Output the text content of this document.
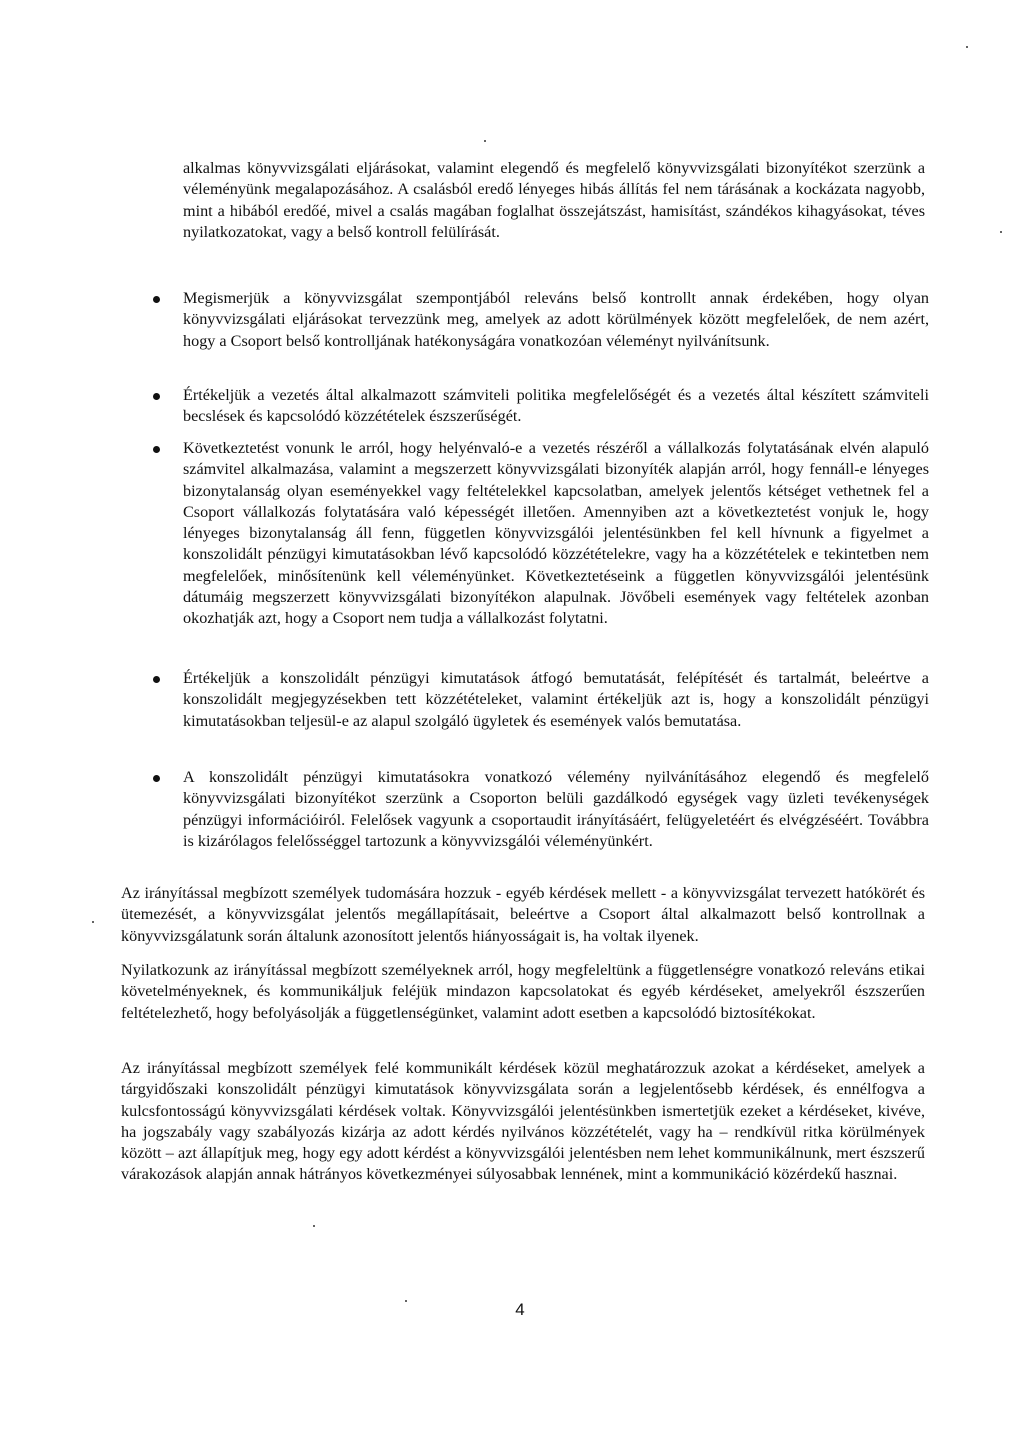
alkalmas könyvvizsgálati eljárásokat, valamint elegendő és megfelelő könyvvizsgálati bizonyítékot szerzünk a véleményünk megalapozásához. A csalásból eredő lényeges hibás állítás fel nem tárásának a kockázata nagyobb, mint a hibából eredőé, mivel a csalás magában foglalhat összejátszást, hamisítást, szándékos kihagyásokat, téves nyilatkozatokat, vagy a belső kontroll felülírását.

Megismerjük a könyvvizsgálat szempontjából releváns belső kontrollt annak érdekében, hogy olyan könyvvizsgálati eljárásokat tervezzünk meg, amelyek az adott körülmények között megfelelőek, de nem azért, hogy a Csoport belső kontrolljának hatékonyságára vonatkozóan véleményt nyilvánítsunk.

Értékeljük a vezetés által alkalmazott számviteli politika megfelelőségét és a vezetés által készített számviteli becslések és kapcsolódó közzétételek észszerűségét.

Következtetést vonunk le arról, hogy helyénvaló-e a vezetés részéről a vállalkozás folytatásának elvén alapuló számvitel alkalmazása, valamint a megszerzett könyvvizsgálati bizonyíték alapján arról, hogy fennáll-e lényeges bizonytalanság olyan eseményekkel vagy feltételekkel kapcsolatban, amelyek jelentős kétséget vethetnek fel a Csoport vállalkozás folytatására való képességét illetően. Amennyiben azt a következtetést vonjuk le, hogy lényeges bizonytalanság áll fenn, független könyvvizsgálói jelentésünkben fel kell hívnunk a figyelmet a konszolidált pénzügyi kimutatásokban lévő kapcsolódó közzétételekre, vagy ha a közzétételek e tekintetben nem megfelelőek, minősítenünk kell véleményünket. Következtetéseink a független könyvvizsgálói jelentésünk dátumáig megszerzett könyvvizsgálati bizonyítékon alapulnak. Jövőbeli események vagy feltételek azonban okozhatják azt, hogy a Csoport nem tudja a vállalkozást folytatni.

Értékeljük a konszolidált pénzügyi kimutatások átfogó bemutatását, felépítését és tartalmát, beleértve a konszolidált megjegyzésekben tett közzétételeket, valamint értékeljük azt is, hogy a konszolidált pénzügyi kimutatásokban teljesül-e az alapul szolgáló ügyletek és események valós bemutatása.

A konszolidált pénzügyi kimutatásokra vonatkozó vélemény nyilvánításához elegendő és megfelelő könyvvizsgálati bizonyítékot szerzünk a Csoporton belüli gazdálkodó egységek vagy üzleti tevékenységek pénzügyi információiról. Felelősek vagyunk a csoportaudit irányításáért, felügyeletéért és elvégzéséért. Továbbra is kizárólagos felelősséggel tartozunk a könyvvizsgálói véleményünkért.

Az irányítással megbízott személyek tudomására hozzuk - egyéb kérdések mellett - a könyvvizsgálat tervezett hatókörét és ütemezését, a könyvvizsgálat jelentős megállapításait, beleértve a Csoport által alkalmazott belső kontrollnak a könyvvizsgálatunk során általunk azonosított jelentős hiányosságait is, ha voltak ilyenek.

Nyilatkozunk az irányítással megbízott személyeknek arról, hogy megfeleltünk a függetlenségre vonatkozó releváns etikai követelményeknek, és kommunikáljuk feléjük mindazon kapcsolatokat és egyéb kérdéseket, amelyekről észszerűen feltételezhető, hogy befolyásolják a függetlenségünket, valamint adott esetben a kapcsolódó biztosítékokat.

Az irányítással megbízott személyek felé kommunikált kérdések közül meghatározzuk azokat a kérdéseket, amelyek a tárgyidőszaki konszolidált pénzügyi kimutatások könyvvizsgálata során a legjelentősebb kérdések, és ennélfogva a kulcsfontosságú könyvvizsgálati kérdések voltak. Könyvvizsgálói jelentésünkben ismertetjük ezeket a kérdéseket, kivéve, ha jogszabály vagy szabályozás kizárja az adott kérdés nyilvános közzétételét, vagy ha – rendkívül ritka körülmények között – azt állapítjuk meg, hogy egy adott kérdést a könyvvizsgálói jelentésben nem lehet kommunikálnunk, mert észszerű várakozások alapján annak hátrányos következményei súlyosabbak lennének, mint a kommunikáció közérdekű hasznai.

4
